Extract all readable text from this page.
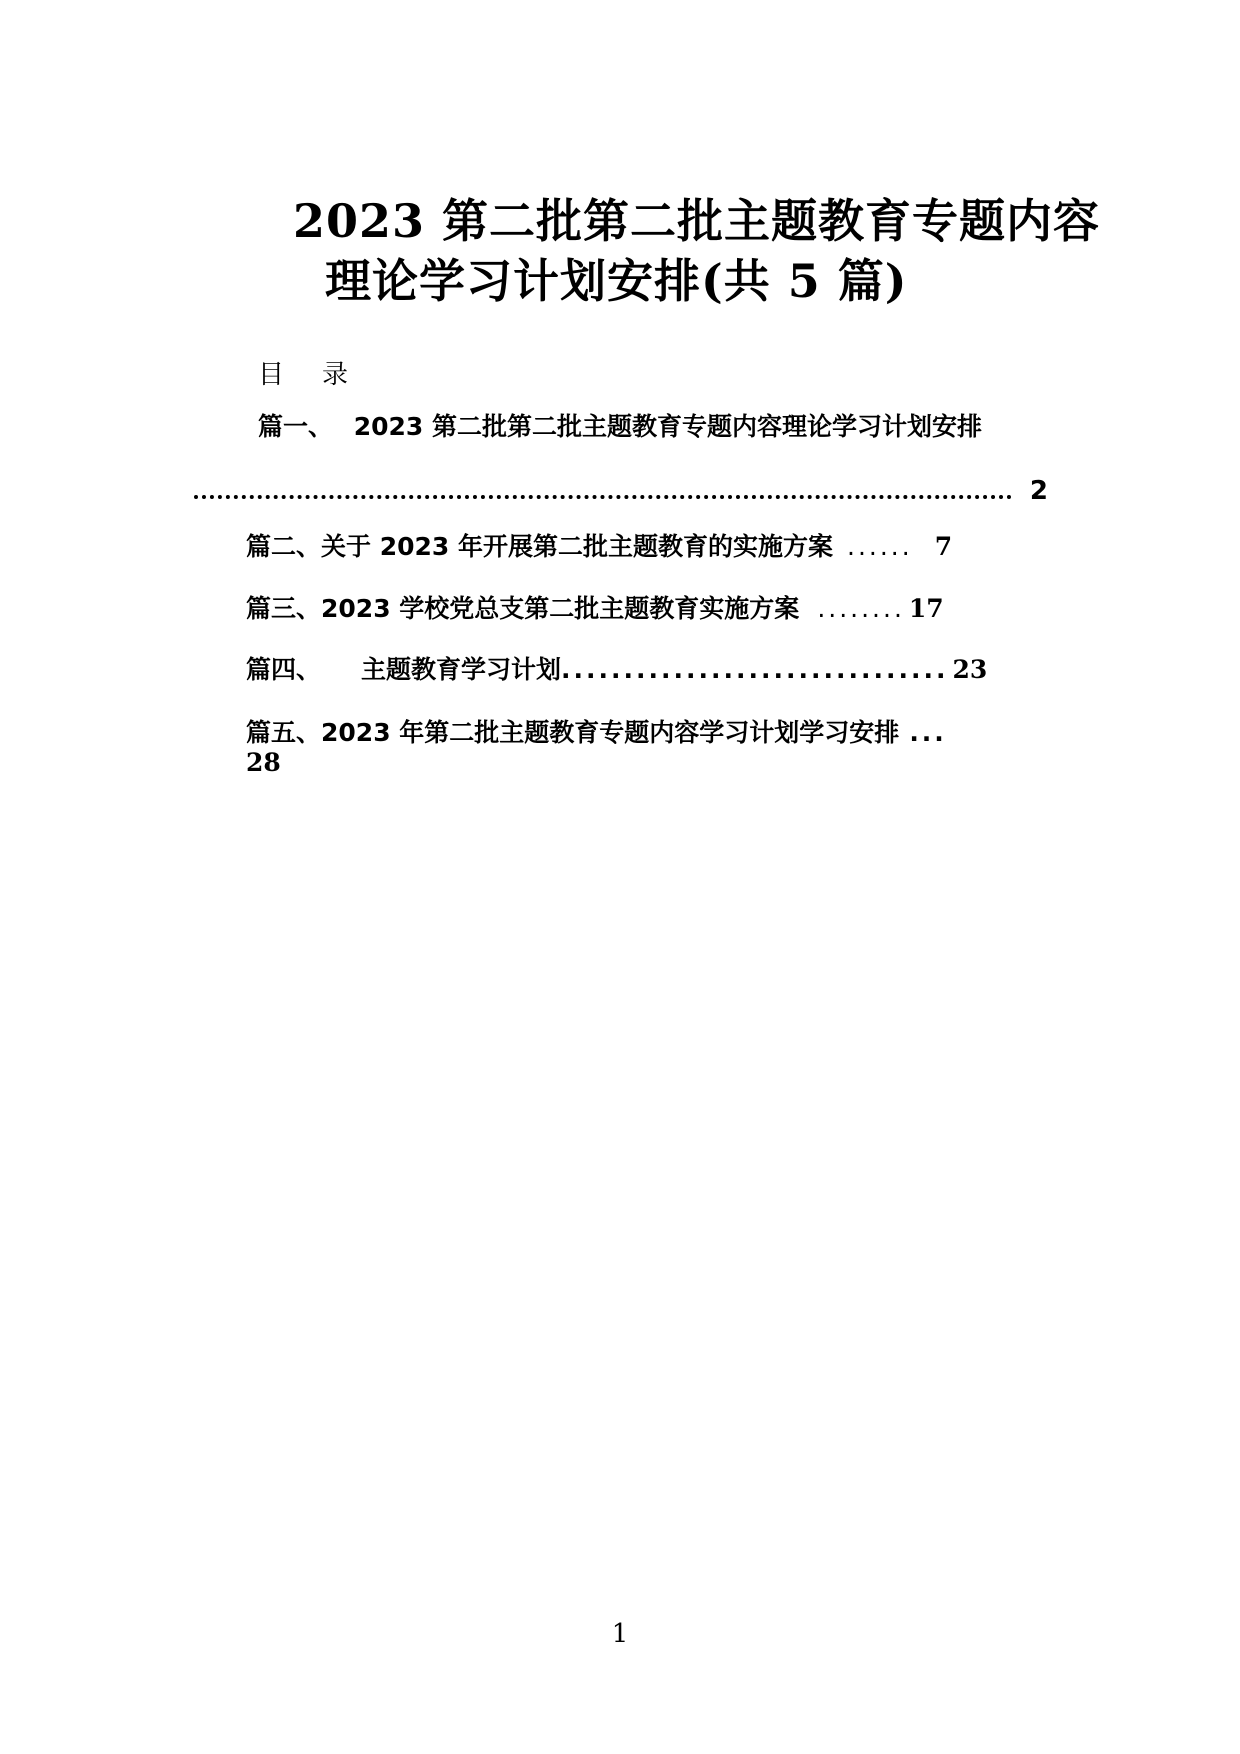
2023 第二批第二批主题教育专题内容
理论学习计划安排(共 5 篇)
目 录
篇一、 2023 第二批第二批主题教育专题内容理论学习计划安排
2
篇二、关于 2023 年开展第二批主题教育的实施方案 ...... 7
篇三、2023 学校党总支第二批主题教育实施方案 ........ 17
篇四、 主题教育学习计划............................... 23
篇五、2023 年第二批主题教育专题内容学习计划学习安排 ...
28
1
